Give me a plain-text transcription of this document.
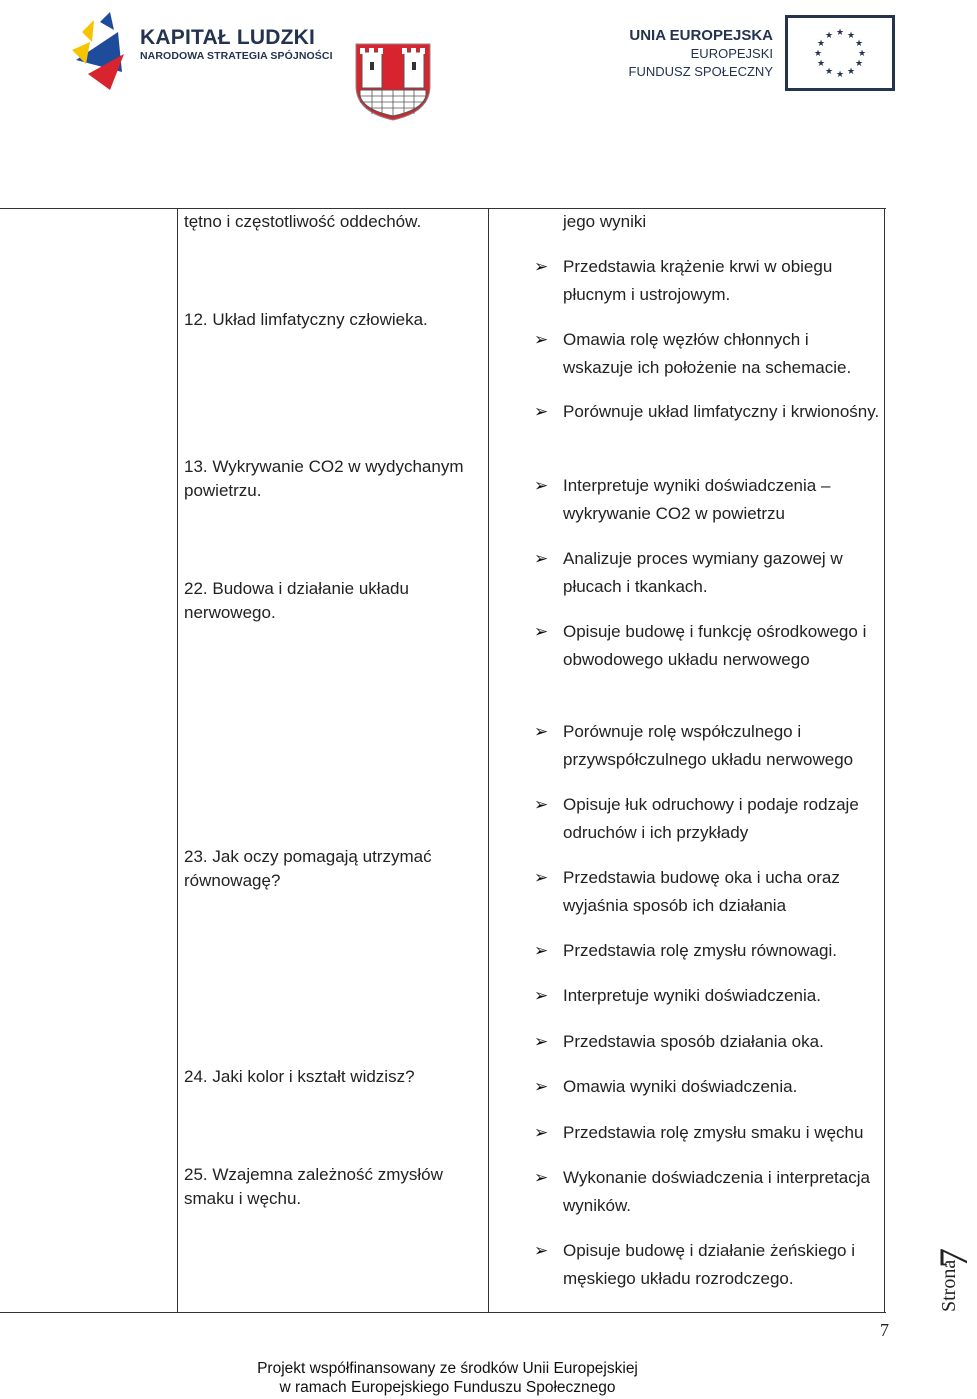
KAPITAŁ LUDZKI
NARODOWA STRATEGIA SPÓJNOŚCI
UNIA EUROPEJSKA
EUROPEJSKI
FUNDUSZ SPOŁECZNY
★ ★
★
★
★
★
★
★
★
★
★
★
tętno i częstotliwość oddechów.
12. Układ limfatyczny człowieka.
13. Wykrywanie CO2 w wydychanym powietrzu.
22. Budowa i działanie układu nerwowego.
23. Jak oczy pomagają utrzymać równowagę?
24. Jaki kolor i kształt widzisz?
25. Wzajemna zależność zmysłów smaku i węchu.
jego wyniki
➢ Przedstawia krążenie krwi w obiegu płucnym i ustrojowym.
➢ Omawia rolę węzłów chłonnych i wskazuje ich położenie na schemacie.
➢ Porównuje układ limfatyczny i krwionośny.
➢ Interpretuje wyniki doświadczenia – wykrywanie CO2 w powietrzu
➢ Analizuje proces wymiany gazowej w płucach i tkankach.
➢ Opisuje budowę i funkcję ośrodkowego i obwodowego układu nerwowego
➢ Porównuje rolę współczulnego i przywspółczulnego układu nerwowego
➢ Opisuje łuk odruchowy i podaje rodzaje odruchów i ich przykłady
➢ Przedstawia budowę oka i ucha oraz wyjaśnia sposób ich działania
➢ Przedstawia rolę zmysłu równowagi.
➢ Interpretuje wyniki doświadczenia.
➢ Przedstawia sposób działania oka.
➢ Omawia wyniki doświadczenia.
➢ Przedstawia rolę zmysłu smaku i węchu
➢ Wykonanie doświadczenia i interpretacja wyników.
➢ Opisuje budowę i działanie żeńskiego i męskiego układu rozrodczego.	Strona
7
7
Projekt współfinansowany ze środków Unii Europejskiej
w ramach Europejskiego Funduszu Społecznego
